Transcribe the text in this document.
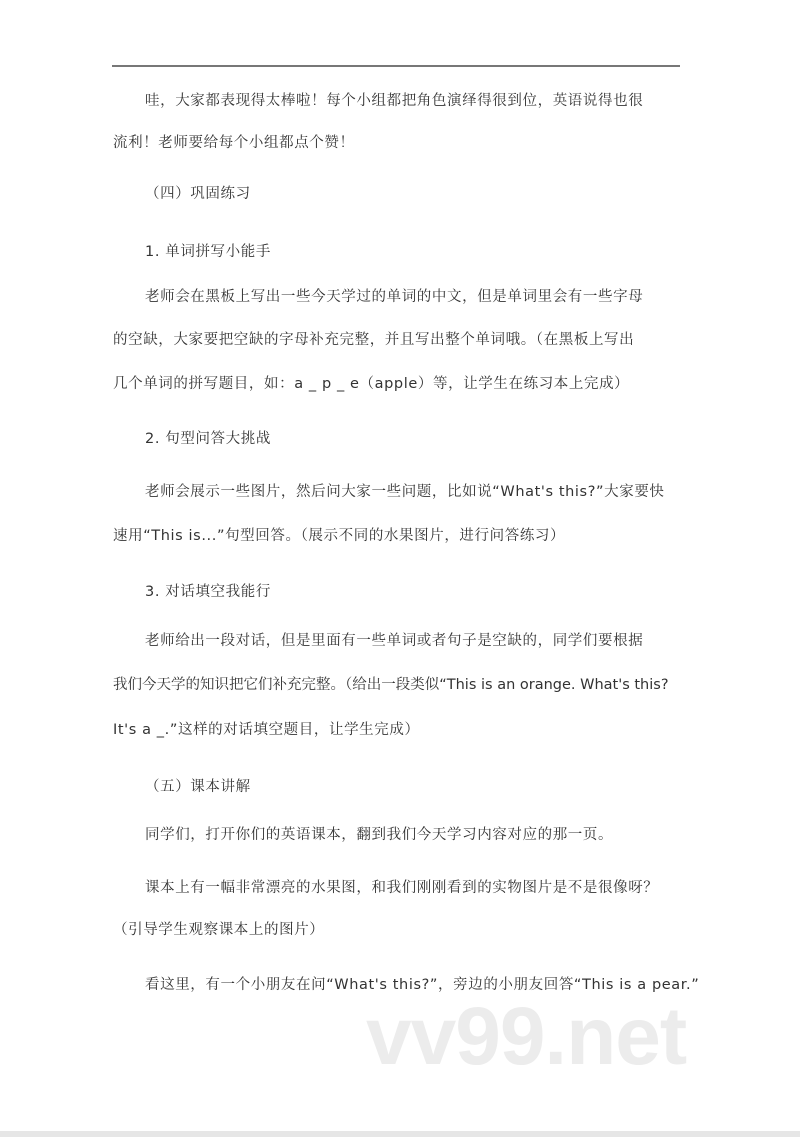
哇，大家都表现得太棒啦！每个小组都把角色演绎得很到位，英语说得也很
流利！老师要给每个小组都点个赞！
（四）巩固练习
1. 单词拼写小能手
老师会在黑板上写出一些今天学过的单词的中文，但是单词里会有一些字母
的空缺，大家要把空缺的字母补充完整，并且写出整个单词哦。（在黑板上写出
几个单词的拼写题目，如：a _ p _ e（apple）等，让学生在练习本上完成）
2. 句型问答大挑战
老师会展示一些图片，然后问大家一些问题，比如说“What's this?”大家要快
速用“This is...”句型回答。（展示不同的水果图片，进行问答练习）
3. 对话填空我能行
老师给出一段对话，但是里面有一些单词或者句子是空缺的，同学们要根据
我们今天学的知识把它们补充完整。（给出一段类似“This is an orange. What's this?
It's a _.”这样的对话填空题目，让学生完成）
（五）课本讲解
同学们，打开你们的英语课本，翻到我们今天学习内容对应的那一页。
课本上有一幅非常漂亮的水果图，和我们刚刚看到的实物图片是不是很像呀？
（引导学生观察课本上的图片）
看这里，有一个小朋友在问“What's this?”，旁边的小朋友回答“This is a pear.”
vv99.net
